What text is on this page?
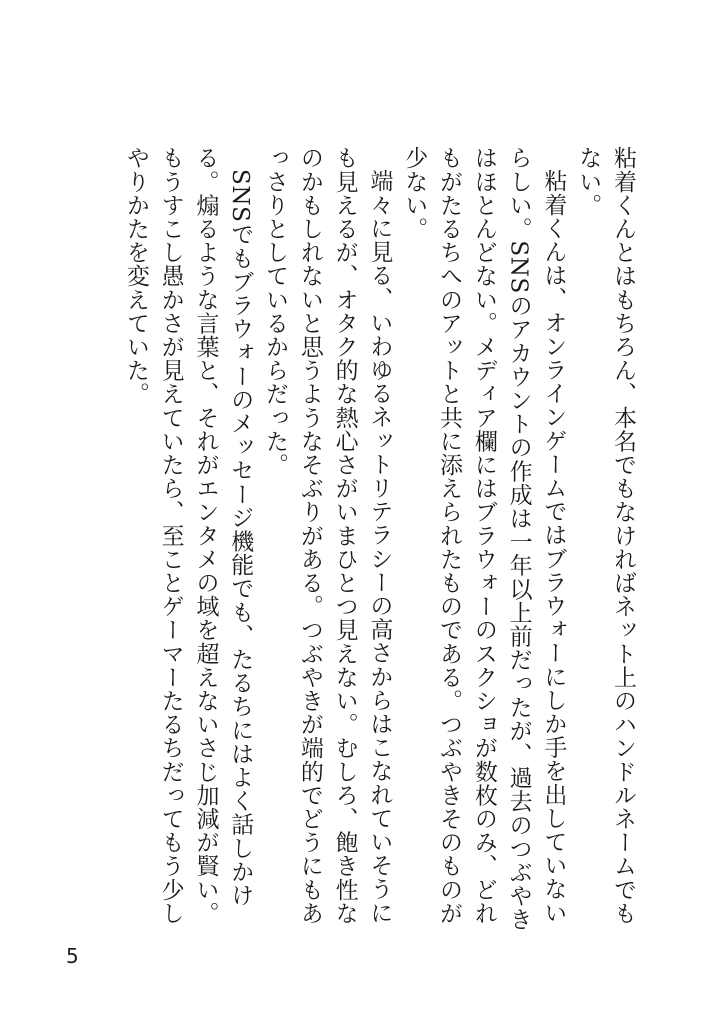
粘着くんとはもちろん、本名でもなければネット上のハンドルネームでもない。

粘着くんは、オンラインゲームではブラウォーにしか手を出していないらしい。SNSのアカウントの作成は一年以上前だったが、過去のつぶやきはほとんどない。メディア欄にはブラウォーのスクショが数枚のみ、どれもがたるちへのアットと共に添えられたものである。つぶやきそのものが少ない。

端々に見る、いわゆるネットリテラシーの高さからはこなれていそうにも見えるが、オタク的な熱心さがいまひとつ見えない。むしろ、飽き性なのかもしれないと思うようなそぶりがある。つぶやきが端的でどうにもあっさりとしているからだった。

SNSでもブラウォーのメッセージ機能でも、たるちにはよく話しかける。煽るような言葉と、それがエンタメの域を超えないさじ加減が賢い。もうすこし愚かさが見えていたら、至ことゲーマーたるちだってもう少しやりかたを変えていた。

5
